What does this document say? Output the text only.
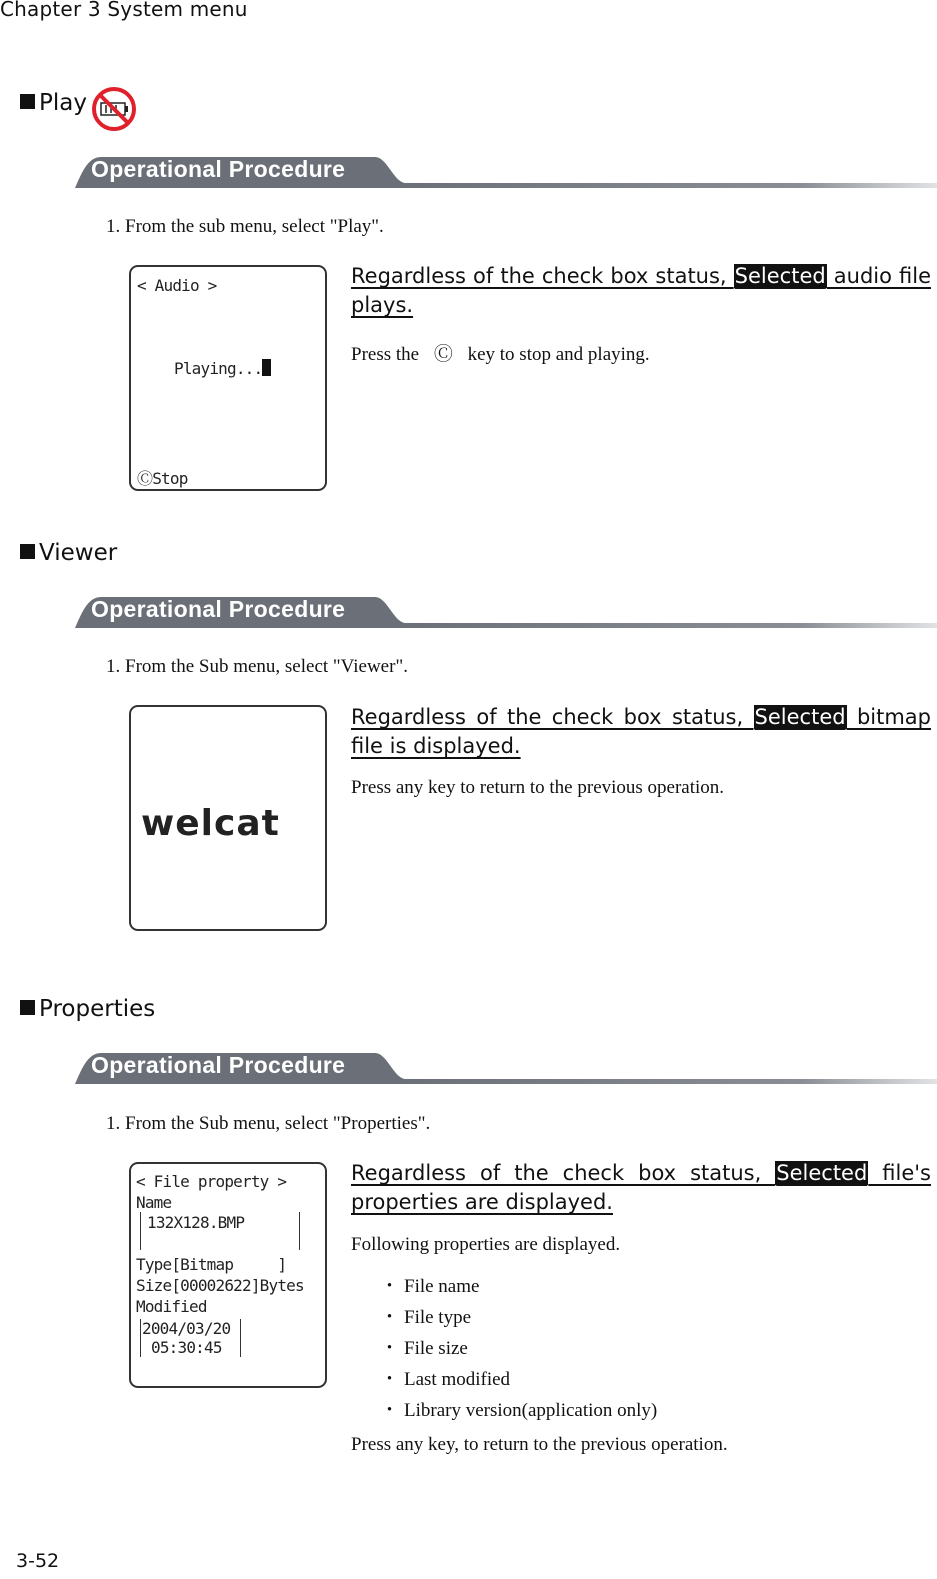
Chapter 3 System menu
Play
Operational Procedure
1. From the sub menu, select "Play".
< Audio >
Playing...
ⒸStop
Regardless of the check box status, Selected audio file plays.
Press the Ⓒ key to stop and playing.
Viewer
Operational Procedure
1. From the Sub menu, select "Viewer".
welcat
Regardless of the check box status, Selected bitmap file is displayed.
Press any key to return to the previous operation.
Properties
Operational Procedure
1. From the Sub menu, select "Properties".
< File property >
Name
132X128.BMP
Type[Bitmap     ]
Size[00002622]Bytes
Modified
2004/03/20
05:30:45
Regardless of the check box status, Selected file's properties are displayed.
Following properties are displayed.
・ File name
・ File type
・ File size
・ Last modified
・ Library version(application only)
Press any key, to return to the previous operation.
3-52
